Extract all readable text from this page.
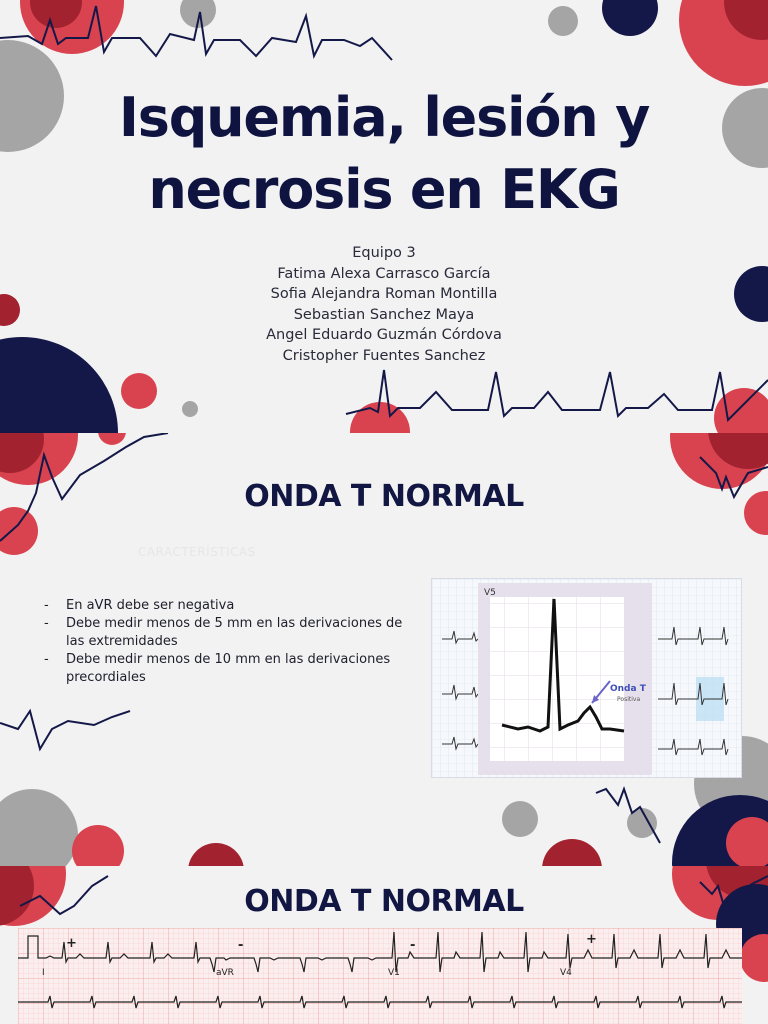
Isquemia, lesión y
necrosis en EKG
Equipo 3
Fatima Alexa Carrasco García
Sofia Alejandra Roman Montilla
Sebastian Sanchez Maya
Angel Eduardo Guzmán Córdova
Cristopher Fuentes Sanchez
ONDA T NORMAL
CARACTERÍSTICAS
- En aVR debe ser negativa
- Debe medir menos de 5 mm en las derivaciones de las extremidades
- Debe medir menos de 10 mm en las derivaciones precordiales
V5
Onda T
Positiva
ONDA T NORMAL
I	aVR	V1	V4
+	-	-	+
